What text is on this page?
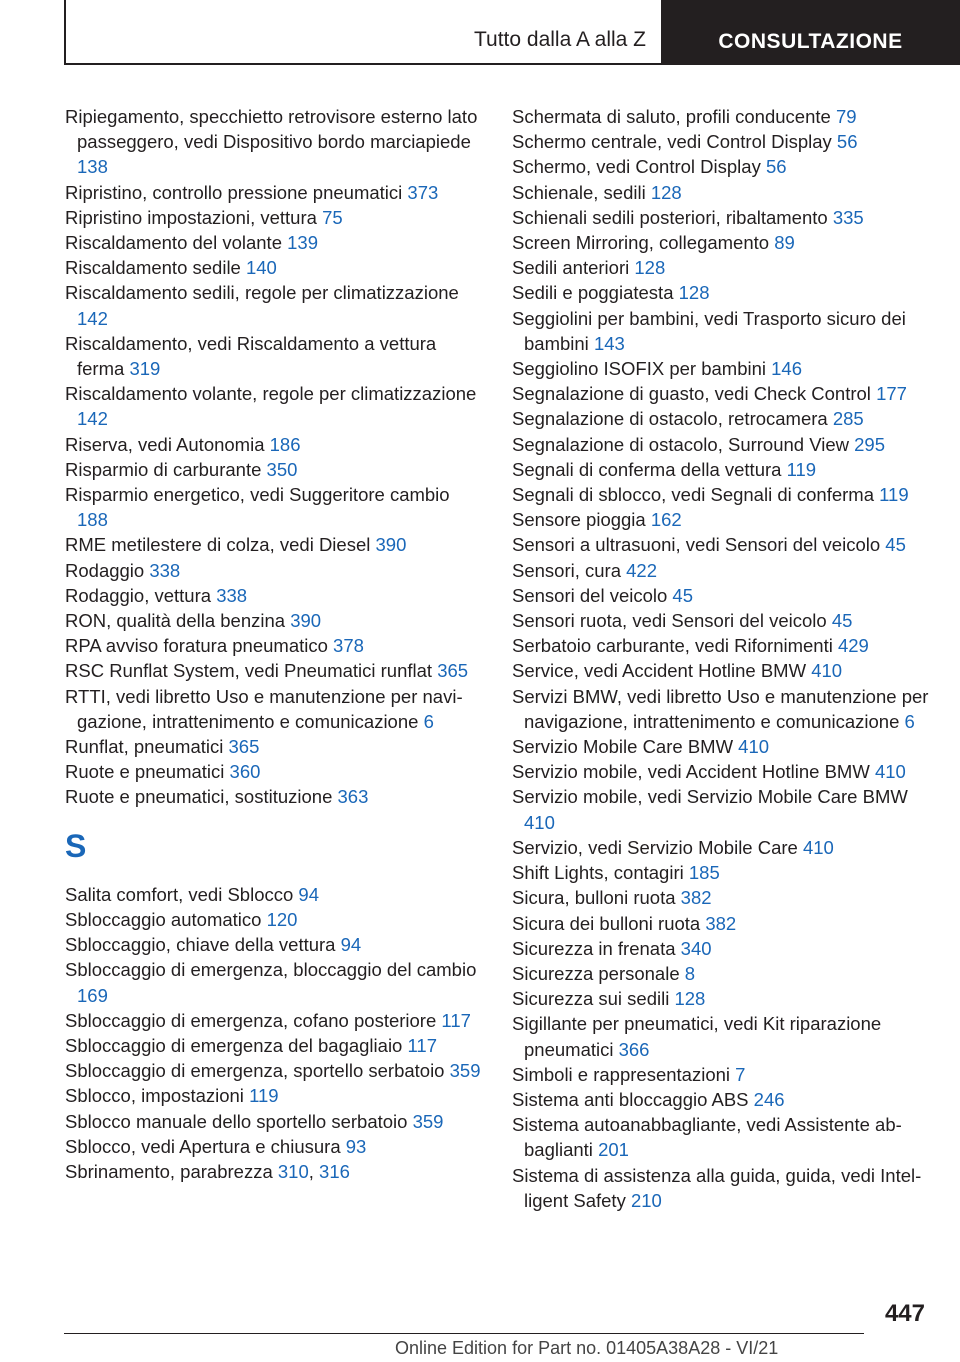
Tutto dalla A alla Z	CONSULTAZIONE

Ripiegamento, specchietto retrovisore esterno lato passeggero, vedi Dispositivo bordo marciapiede 138

Ripristino, controllo pressione pneumatici 373

Ripristino impostazioni, vettura 75

Riscaldamento del volante 139

Riscaldamento sedile 140

Riscaldamento sedili, regole per climatizzazione 142

Riscaldamento, vedi Riscaldamento a vettura ferma 319

Riscaldamento volante, regole per climatizzazione 142

Riserva, vedi Autonomia 186

Risparmio di carburante 350

Risparmio energetico, vedi Suggeritore cambio 188

RME metilestere di colza, vedi Diesel 390

Rodaggio 338

Rodaggio, vettura 338

RON, qualità della benzina 390

RPA avviso foratura pneumatico 378

RSC Runflat System, vedi Pneumatici runflat 365

RTTI, vedi libretto Uso e manutenzione per navigazione, intrattenimento e comunicazione 6

Runflat, pneumatici 365

Ruote e pneumatici 360

Ruote e pneumatici, sostituzione 363

S

Salita comfort, vedi Sblocco 94

Sbloccaggio automatico 120

Sbloccaggio, chiave della vettura 94

Sbloccaggio di emergenza, bloccaggio del cambio 169

Sbloccaggio di emergenza, cofano posteriore 117

Sbloccaggio di emergenza del bagagliaio 117

Sbloccaggio di emergenza, sportello serbatoio 359

Sblocco, impostazioni 119

Sblocco manuale dello sportello serbatoio 359

Sblocco, vedi Apertura e chiusura 93

Sbrinamento, parabrezza 310, 316

Schermata di saluto, profili conducente 79

Schermo centrale, vedi Control Display 56

Schermo, vedi Control Display 56

Schienale, sedili 128

Schienali sedili posteriori, ribaltamento 335

Screen Mirroring, collegamento 89

Sedili anteriori 128

Sedili e poggiatesta 128

Seggiolini per bambini, vedi Trasporto sicuro dei bambini 143

Seggiolino ISOFIX per bambini 146

Segnalazione di guasto, vedi Check Control 177

Segnalazione di ostacolo, retrocamera 285

Segnalazione di ostacolo, Surround View 295

Segnali di conferma della vettura 119

Segnali di sblocco, vedi Segnali di conferma 119

Sensore pioggia 162

Sensori a ultrasuoni, vedi Sensori del veicolo 45

Sensori, cura 422

Sensori del veicolo 45

Sensori ruota, vedi Sensori del veicolo 45

Serbatoio carburante, vedi Rifornimenti 429

Service, vedi Accident Hotline BMW 410

Servizi BMW, vedi libretto Uso e manutenzione per navigazione, intrattenimento e comunicazione 6

Servizio Mobile Care BMW 410

Servizio mobile, vedi Accident Hotline BMW 410

Servizio mobile, vedi Servizio Mobile Care BMW 410

Servizio, vedi Servizio Mobile Care 410

Shift Lights, contagiri 185

Sicura, bulloni ruota 382

Sicura dei bulloni ruota 382

Sicurezza in frenata 340

Sicurezza personale 8

Sicurezza sui sedili 128

Sigillante per pneumatici, vedi Kit riparazione pneumatici 366

Simboli e rappresentazioni 7

Sistema anti bloccaggio ABS 246

Sistema autoanabbagliante, vedi Assistente abbaglianti 201

Sistema di assistenza alla guida, guida, vedi Intelligent Safety 210

447
Online Edition for Part no. 01405A38A28 - VI/21
